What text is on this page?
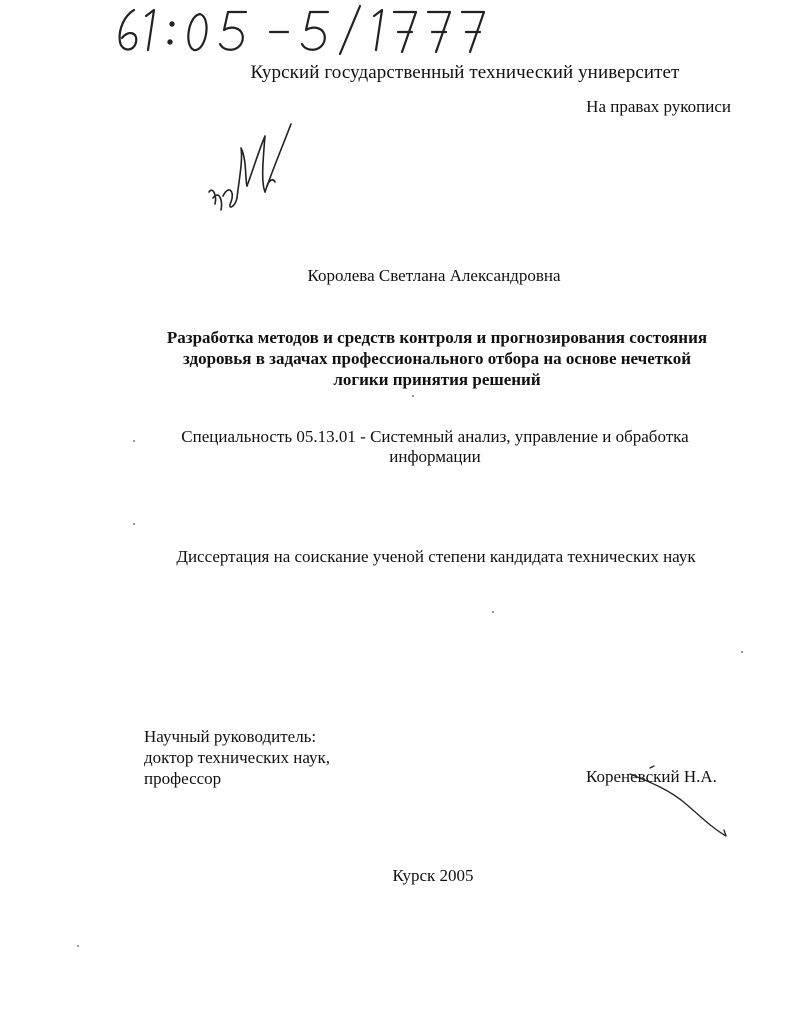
Курский государственный технический университет
На правах рукописи
Королева Светлана Александровна
Разработка методов и средств контроля и прогнозирования состояния
здоровья в задачах профессионального отбора на основе нечеткой
логики принятия решений
Специальность 05.13.01 - Системный анализ, управление и обработка
информации
Диссертация на соискание ученой степени кандидата технических наук
Научный руководитель:
доктор технических наук,
профессор	Кореневский Н.А.
Курск 2005
